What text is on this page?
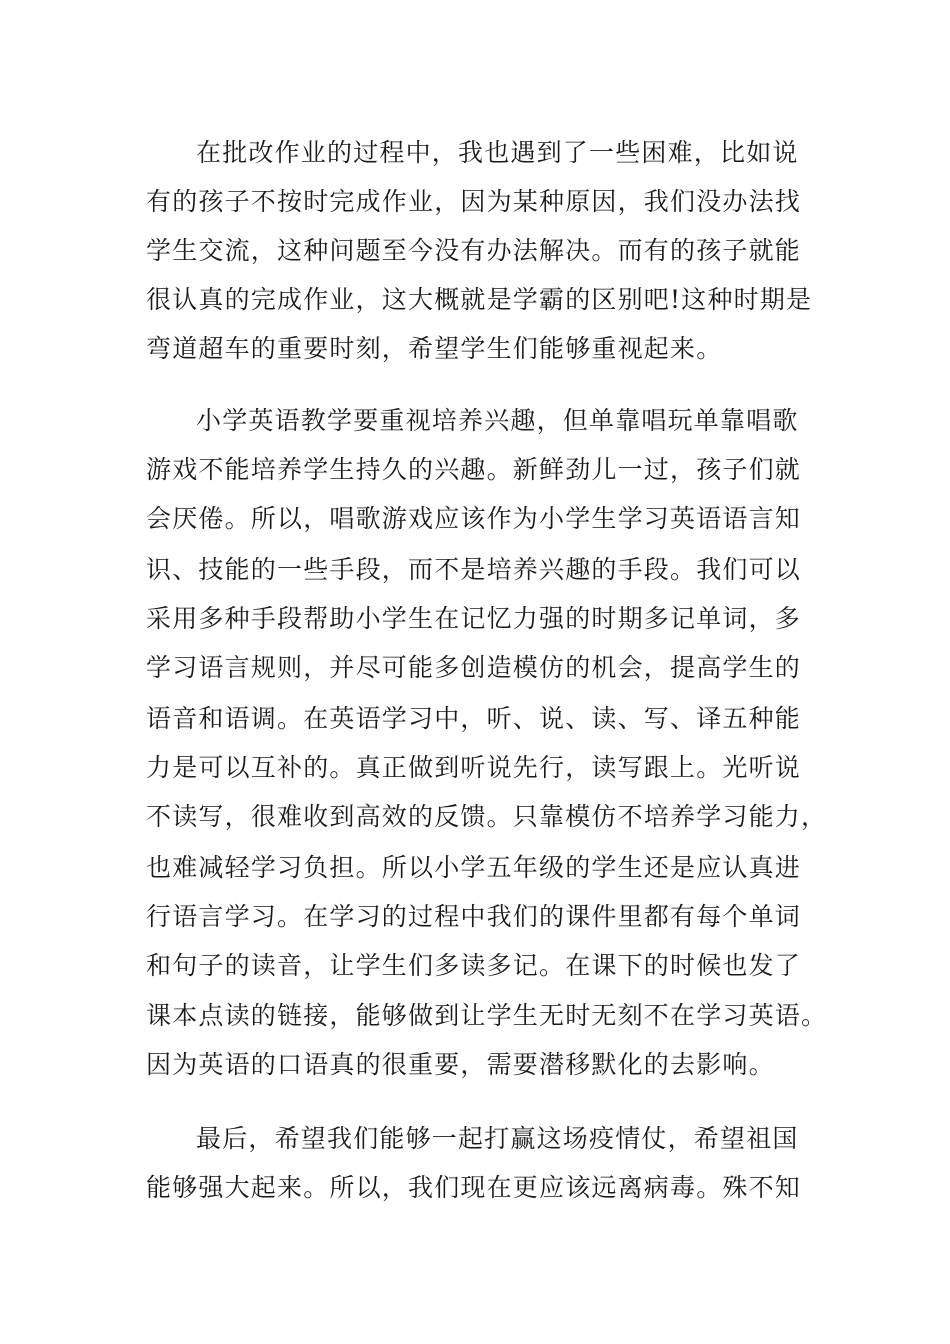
在批改作业的过程中，我也遇到了一些困难，比如说
有的孩子不按时完成作业，因为某种原因，我们没办法找
学生交流，这种问题至今没有办法解决。而有的孩子就能
很认真的完成作业，这大概就是学霸的区别吧!这种时期是
弯道超车的重要时刻，希望学生们能够重视起来。
小学英语教学要重视培养兴趣，但单靠唱玩单靠唱歌
游戏不能培养学生持久的兴趣。新鲜劲儿一过，孩子们就
会厌倦。所以，唱歌游戏应该作为小学生学习英语语言知
识、技能的一些手段，而不是培养兴趣的手段。我们可以
采用多种手段帮助小学生在记忆力强的时期多记单词，多
学习语言规则，并尽可能多创造模仿的机会，提高学生的
语音和语调。在英语学习中，听、说、读、写、译五种能
力是可以互补的。真正做到听说先行，读写跟上。光听说
不读写，很难收到高效的反馈。只靠模仿不培养学习能力，
也难减轻学习负担。所以小学五年级的学生还是应认真进
行语言学习。在学习的过程中我们的课件里都有每个单词
和句子的读音，让学生们多读多记。在课下的时候也发了
课本点读的链接，能够做到让学生无时无刻不在学习英语。
因为英语的口语真的很重要，需要潜移默化的去影响。
最后，希望我们能够一起打赢这场疫情仗，希望祖国
能够强大起来。所以，我们现在更应该远离病毒。殊不知
